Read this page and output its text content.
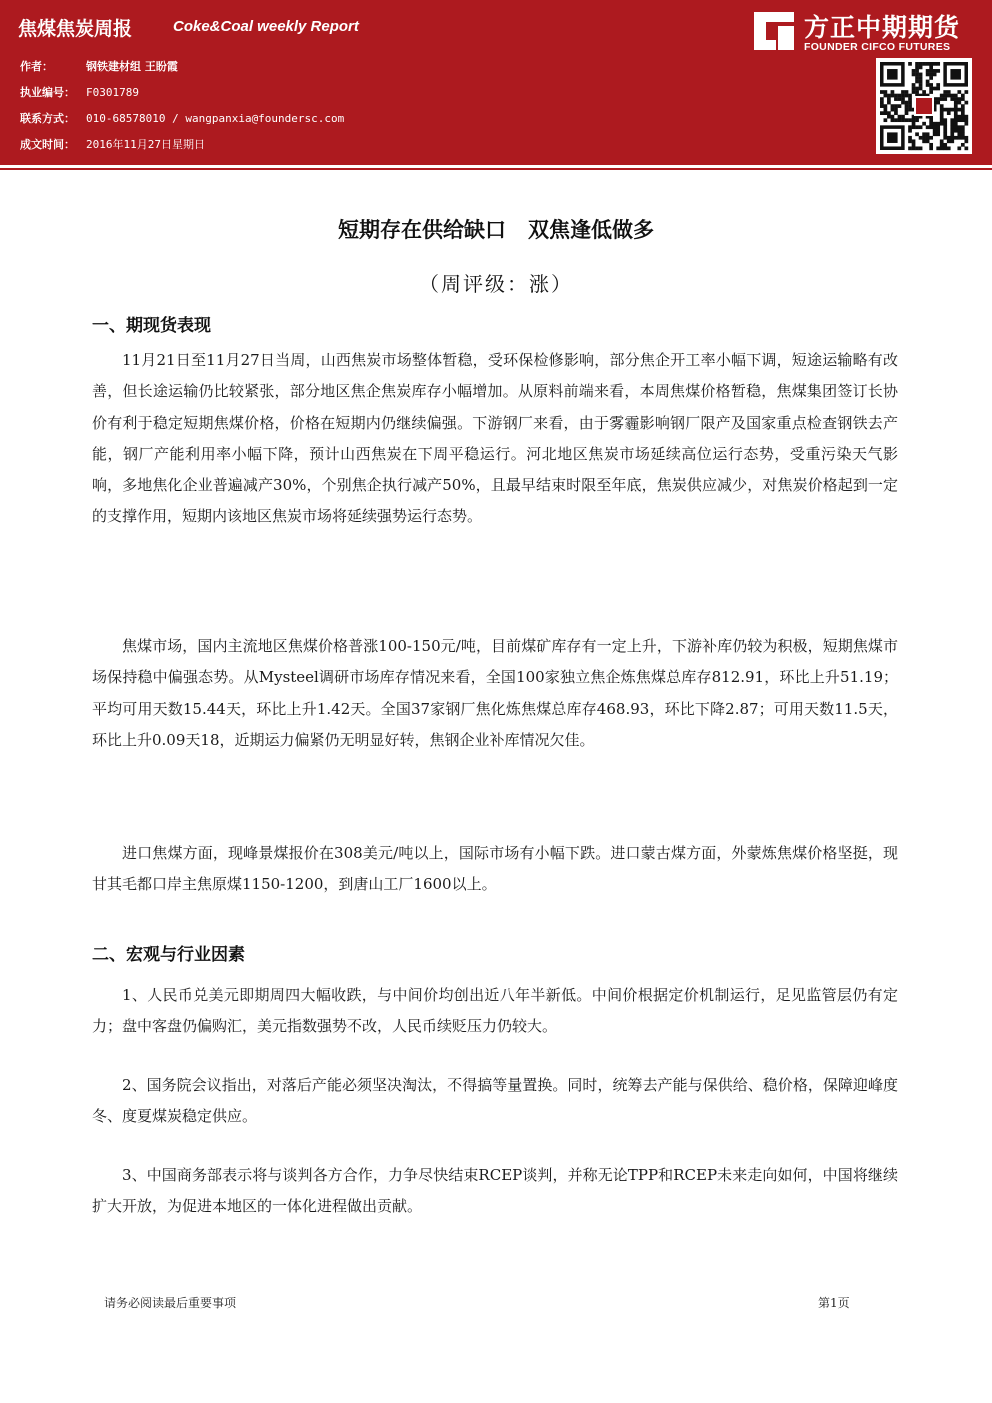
焦煤焦炭周报	Coke&Coal weekly Report
作者：	钢铁建材组 王盼霞
执业编号： F0301789
联系方式： 010-68578010 / wangpanxia@foundersc.com
成文时间： 2016年11月27日星期日
方正中期期货
FOUNDER CIFCO FUTURES
短期存在供给缺口   双焦逢低做多
（周评级：涨）
一、期现货表现
11月21日至11月27日当周，山西焦炭市场整体暂稳，受环保检修影响，部分焦企开工率小幅下调，短途运输略有改善，但长途运输仍比较紧张，部分地区焦企焦炭库存小幅增加。从原料前端来看，本周焦煤价格暂稳，焦煤集团签订长协价有利于稳定短期焦煤价格，价格在短期内仍继续偏强。下游钢厂来看，由于雾霾影响钢厂限产及国家重点检查钢铁去产能，钢厂产能利用率小幅下降，预计山西焦炭在下周平稳运行。河北地区焦炭市场延续高位运行态势，受重污染天气影响，多地焦化企业普遍减产30%，个别焦企执行减产50%，且最早结束时限至年底，焦炭供应减少，对焦炭价格起到一定的支撑作用，短期内该地区焦炭市场将延续强势运行态势。
焦煤市场，国内主流地区焦煤价格普涨100-150元/吨，目前煤矿库存有一定上升，下游补库仍较为积极，短期焦煤市场保持稳中偏强态势。从Mysteel调研市场库存情况来看，全国100家独立焦企炼焦煤总库存812.91，环比上升51.19；平均可用天数15.44天，环比上升1.42天。全国37家钢厂焦化炼焦煤总库存468.93，环比下降2.87；可用天数11.5天，环比上升0.09天18，近期运力偏紧仍无明显好转，焦钢企业补库情况欠佳。
进口焦煤方面，现峰景煤报价在308美元/吨以上，国际市场有小幅下跌。进口蒙古煤方面，外蒙炼焦煤价格坚挺，现甘其毛都口岸主焦原煤1150-1200，到唐山工厂1600以上。
二、宏观与行业因素
1、人民币兑美元即期周四大幅收跌，与中间价均创出近八年半新低。中间价根据定价机制运行，足见监管层仍有定力；盘中客盘仍偏购汇，美元指数强势不改，人民币续贬压力仍较大。
2、国务院会议指出，对落后产能必须坚决淘汰，不得搞等量置换。同时，统筹去产能与保供给、稳价格，保障迎峰度冬、度夏煤炭稳定供应。
3、中国商务部表示将与谈判各方合作，力争尽快结束RCEP谈判，并称无论TPP和RCEP未来走向如何，中国将继续扩大开放，为促进本地区的一体化进程做出贡献。
请务必阅读最后重要事项	第1页
